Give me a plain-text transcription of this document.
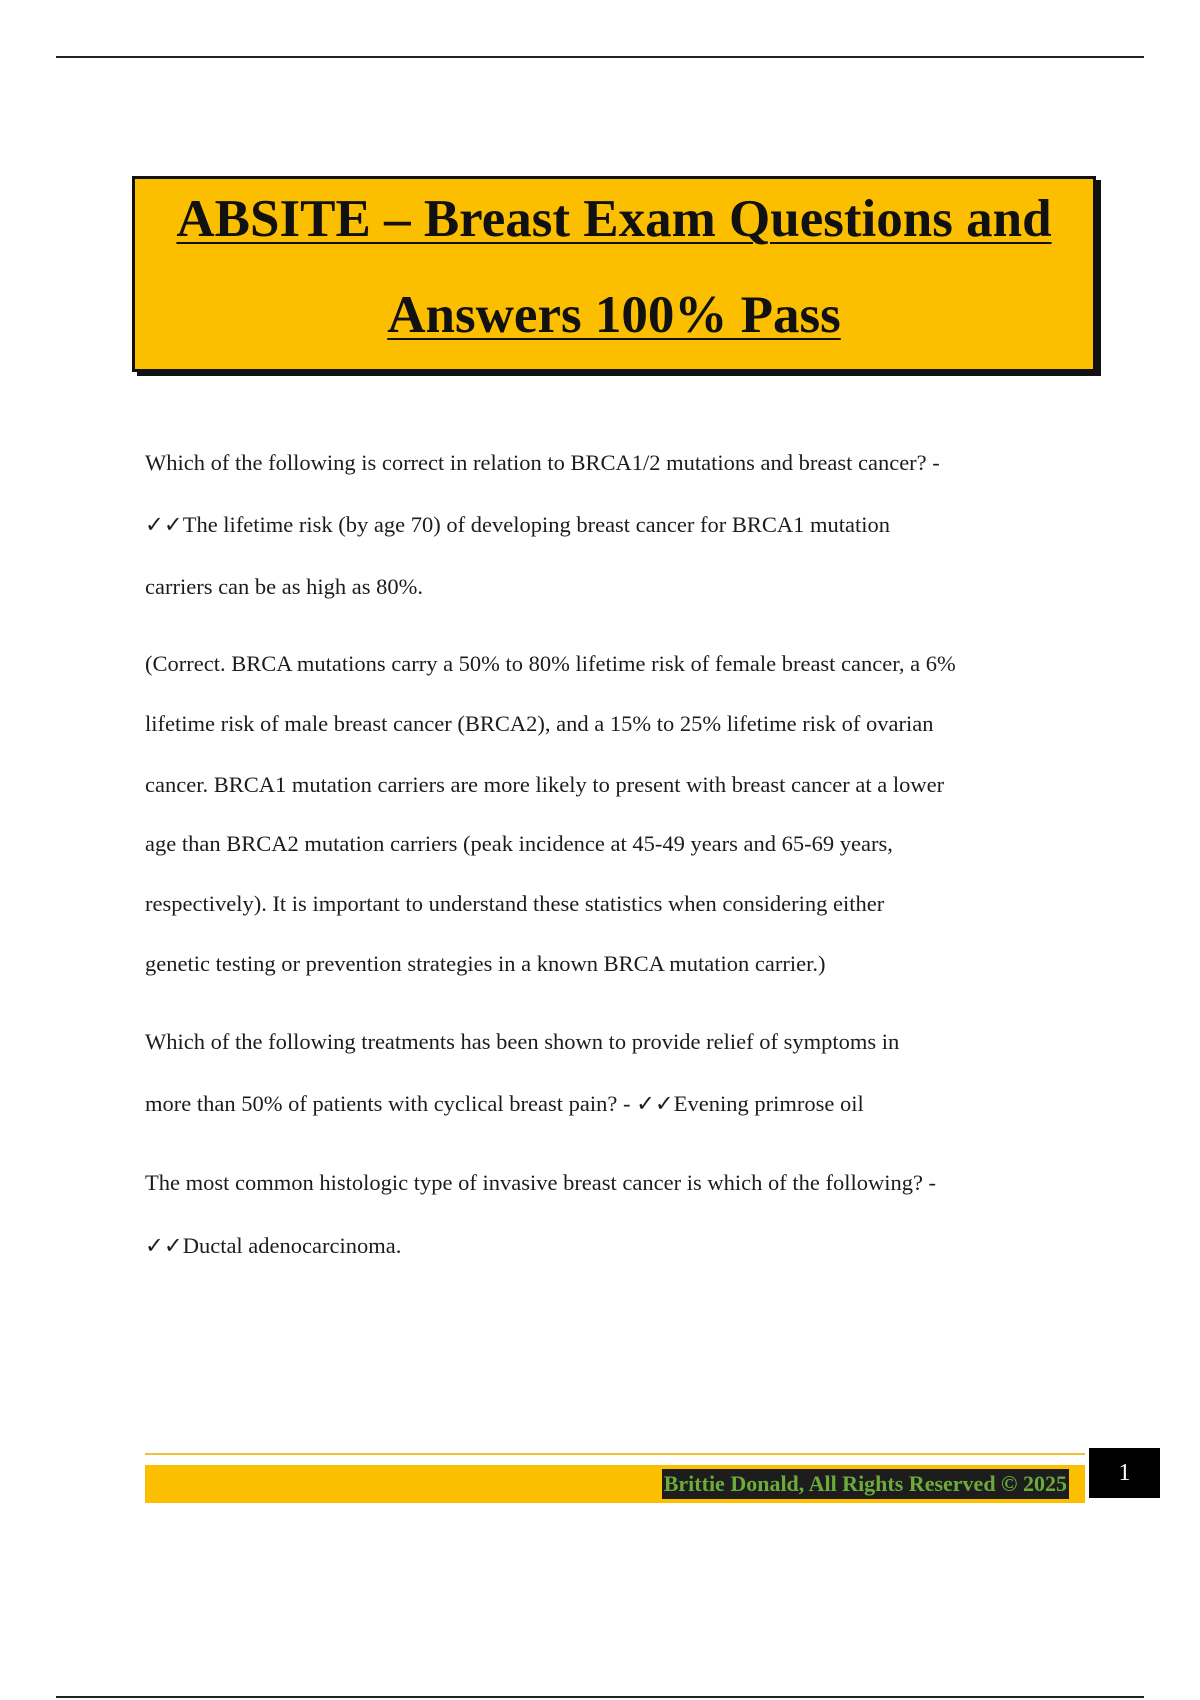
ABSITE – Breast Exam Questions and
Answers 100% Pass
Which of the following is correct in relation to BRCA1/2 mutations and breast cancer? -
✓✓The lifetime risk (by age 70) of developing breast cancer for BRCA1 mutation
carriers can be as high as 80%.
(Correct. BRCA mutations carry a 50% to 80% lifetime risk of female breast cancer, a 6%
lifetime risk of male breast cancer (BRCA2), and a 15% to 25% lifetime risk of ovarian
cancer. BRCA1 mutation carriers are more likely to present with breast cancer at a lower
age than BRCA2 mutation carriers (peak incidence at 45-49 years and 65-69 years,
respectively). It is important to understand these statistics when considering either
genetic testing or prevention strategies in a known BRCA mutation carrier.)
Which of the following treatments has been shown to provide relief of symptoms in
more than 50% of patients with cyclical breast pain? - ✓✓Evening primrose oil
The most common histologic type of invasive breast cancer is which of the following? -
✓✓Ductal adenocarcinoma.
Brittie Donald, All Rights Reserved © 2025	1
